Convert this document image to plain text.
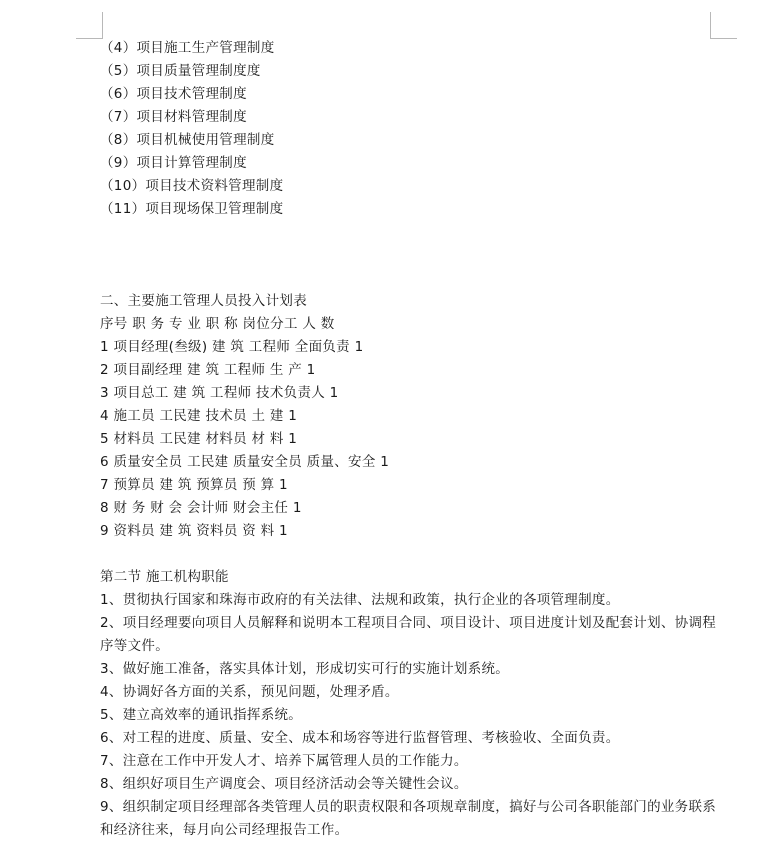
（4）项目施工生产管理制度
（5）项目质量管理制度度
（6）项目技术管理制度
（7）项目材料管理制度
（8）项目机械使用管理制度
（9）项目计算管理制度
（10）项目技术资料管理制度
（11）项目现场保卫管理制度
二、主要施工管理人员投入计划表
序号 职 务 专 业 职 称 岗位分工 人 数
1 项目经理(叁级) 建 筑 工程师 全面负责 1
2 项目副经理 建 筑 工程师 生 产 1
3 项目总工 建 筑 工程师 技术负责人 1
4 施工员 工民建 技术员 土 建 1
5 材料员 工民建 材料员 材 料 1
6 质量安全员 工民建 质量安全员 质量、安全 1
7 预算员 建 筑 预算员 预 算 1
8 财 务 财 会 会计师 财会主任 1
9 资料员 建 筑 资料员 资 料 1
第二节 施工机构职能
1、贯彻执行国家和珠海市政府的有关法律、法规和政策，执行企业的各项管理制度。
2、项目经理要向项目人员解释和说明本工程项目合同、项目设计、项目进度计划及配套计划、协调程序等文件。
3、做好施工准备，落实具体计划，形成切实可行的实施计划系统。
4、协调好各方面的关系，预见问题，处理矛盾。
5、建立高效率的通讯指挥系统。
6、对工程的进度、质量、安全、成本和场容等进行监督管理、考核验收、全面负责。
7、注意在工作中开发人才、培养下属管理人员的工作能力。
8、组织好项目生产调度会、项目经济活动会等关键性会议。
9、组织制定项目经理部各类管理人员的职责权限和各项规章制度，搞好与公司各职能部门的业务联系和经济往来，每月向公司经理报告工作。
